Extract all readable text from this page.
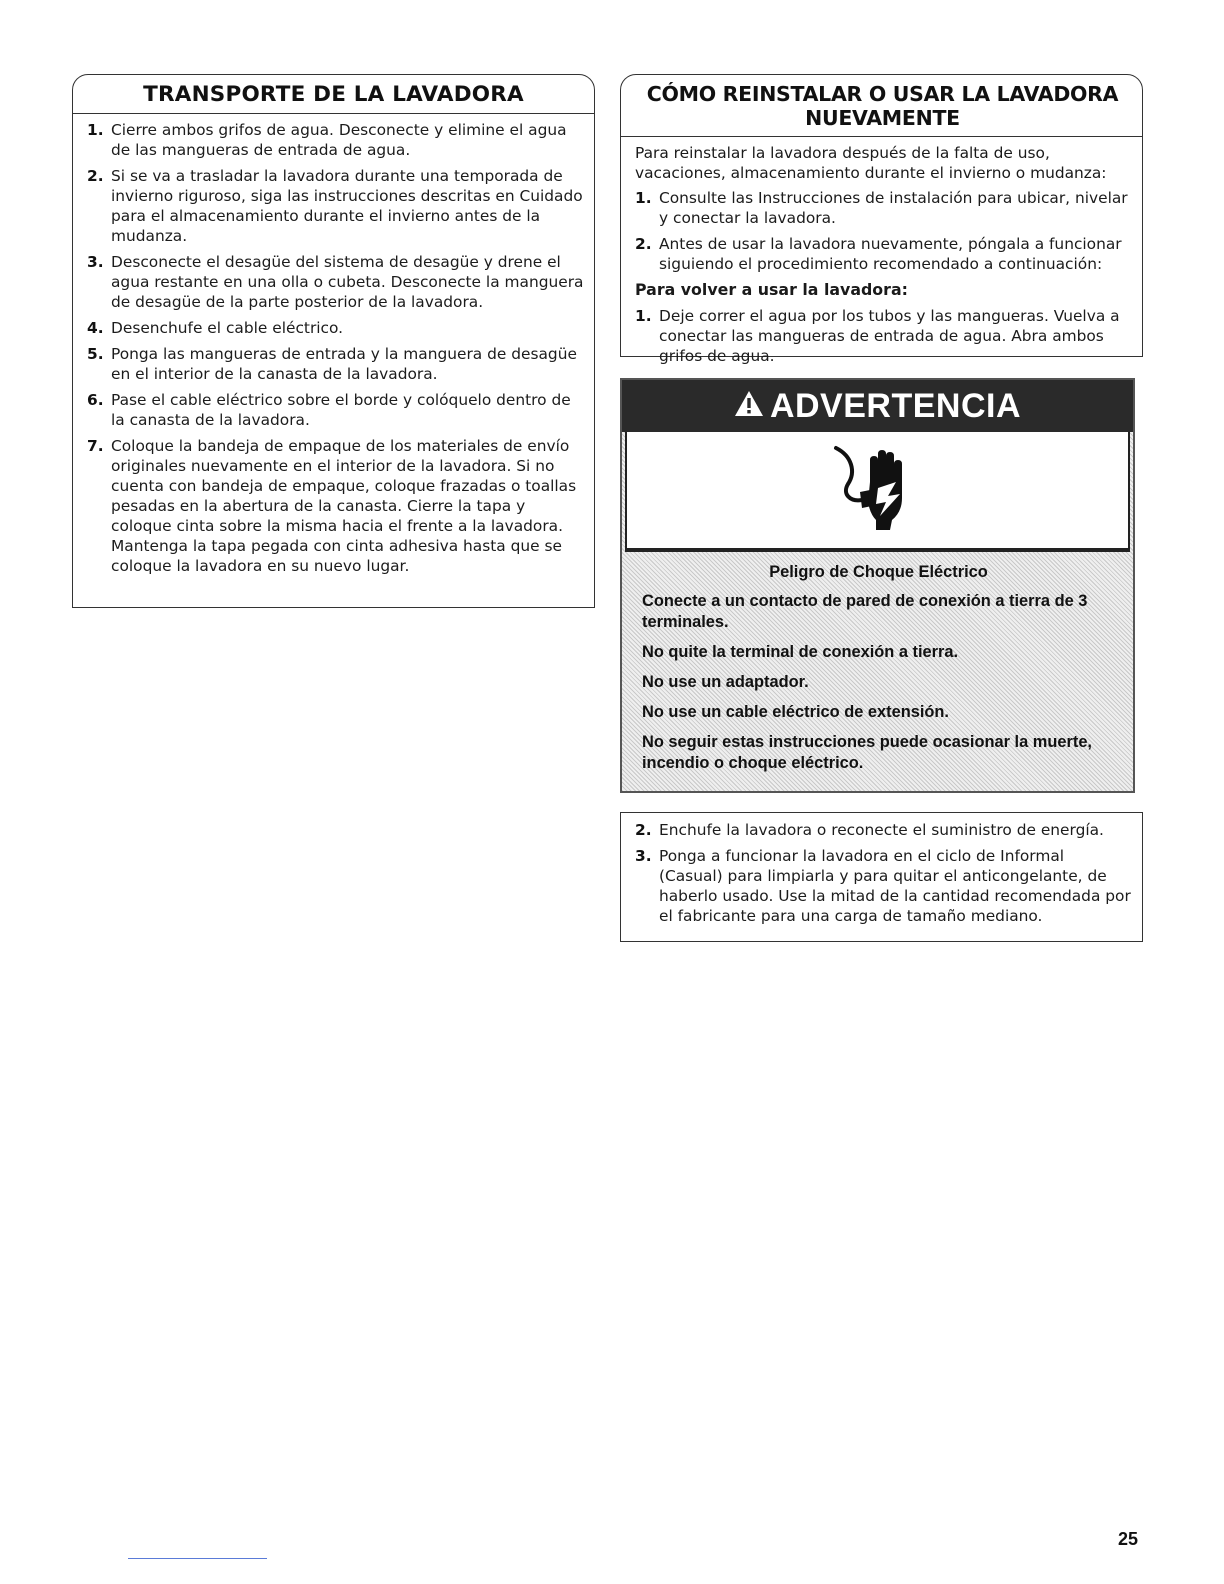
TRANSPORTE DE LA LAVADORA
1. Cierre ambos grifos de agua. Desconecte y elimine el agua de las mangueras de entrada de agua.
2. Si se va a trasladar la lavadora durante una temporada de invierno riguroso, siga las instrucciones descritas en Cuidado para el almacenamiento durante el invierno antes de la mudanza.
3. Desconecte el desagüe del sistema de desagüe y drene el agua restante en una olla o cubeta. Desconecte la manguera de desagüe de la parte posterior de la lavadora.
4. Desenchufe el cable eléctrico.
5. Ponga las mangueras de entrada y la manguera de desagüe en el interior de la canasta de la lavadora.
6. Pase el cable eléctrico sobre el borde y colóquelo dentro de la canasta de la lavadora.
7. Coloque la bandeja de empaque de los materiales de envío originales nuevamente en el interior de la lavadora. Si no cuenta con bandeja de empaque, coloque frazadas o toallas pesadas en la abertura de la canasta. Cierre la tapa y coloque cinta sobre la misma hacia el frente a la lavadora. Mantenga la tapa pegada con cinta adhesiva hasta que se coloque la lavadora en su nuevo lugar.
CÓMO REINSTALAR O USAR LA LAVADORA NUEVAMENTE

Para reinstalar la lavadora después de la falta de uso, vacaciones, almacenamiento durante el invierno o mudanza:

1. Consulte las Instrucciones de instalación para ubicar, nivelar y conectar la lavadora.
2. Antes de usar la lavadora nuevamente, póngala a funcionar siguiendo el procedimiento recomendado a continuación:

Para volver a usar la lavadora:

1. Deje correr el agua por los tubos y las mangueras. Vuelva a conectar las mangueras de entrada de agua. Abra ambos grifos de agua.
ADVERTENCIA

Peligro de Choque Eléctrico

Conecte a un contacto de pared de conexión a tierra de 3 terminales.

No quite la terminal de conexión a tierra.

No use un adaptador.

No use un cable eléctrico de extensión.

No seguir estas instrucciones puede ocasionar la muerte, incendio o choque eléctrico.

2. Enchufe la lavadora o reconecte el suministro de energía.
3. Ponga a funcionar la lavadora en el ciclo de Informal (Casual) para limpiarla y para quitar el anticongelante, de haberlo usado. Use la mitad de la cantidad recomendada por el fabricante para una carga de tamaño mediano.
25
